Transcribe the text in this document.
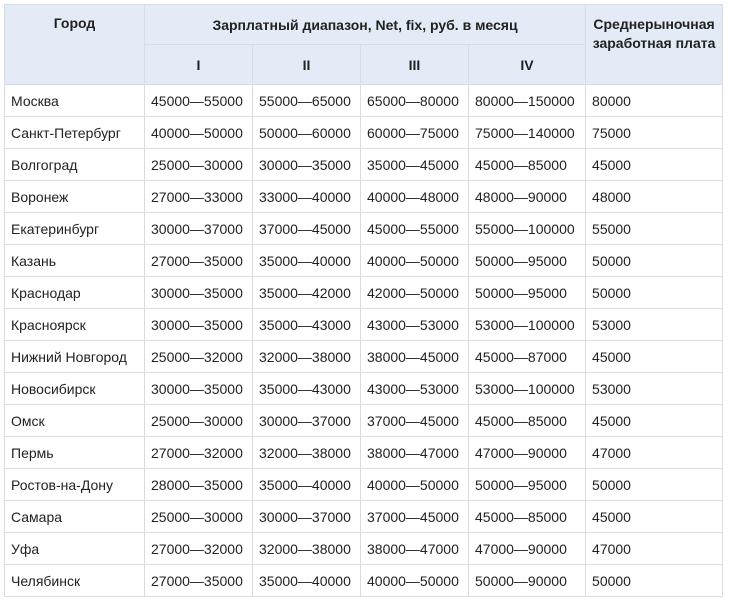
Город	Зарплатный диапазон, Net, fix, руб. в месяц				Среднерыночная заработная плата
	I	II	III	IV	
Москва	45000—55000	55000—65000	65000—80000	80000—150000	80000
Санкт-Петербург	40000—50000	50000—60000	60000—75000	75000—140000	75000
Волгоград	25000—30000	30000—35000	35000—45000	45000—85000	45000
Воронеж	27000—33000	33000—40000	40000—48000	48000—90000	48000
Екатеринбург	30000—37000	37000—45000	45000—55000	55000—100000	55000
Казань	27000—35000	35000—40000	40000—50000	50000—95000	50000
Краснодар	30000—35000	35000—42000	42000—50000	50000—95000	50000
Красноярск	30000—35000	35000—43000	43000—53000	53000—100000	53000
Нижний Новгород	25000—32000	32000—38000	38000—45000	45000—87000	45000
Новосибирск	30000—35000	35000—43000	43000—53000	53000—100000	53000
Омск	25000—30000	30000—37000	37000—45000	45000—85000	45000
Пермь	27000—32000	32000—38000	38000—47000	47000—90000	47000
Ростов-на-Дону	28000—35000	35000—40000	40000—50000	50000—95000	50000
Самара	25000—30000	30000—37000	37000—45000	45000—85000	45000
Уфа	27000—32000	32000—38000	38000—47000	47000—90000	47000
Челябинск	27000—35000	35000—40000	40000—50000	50000—90000	50000
